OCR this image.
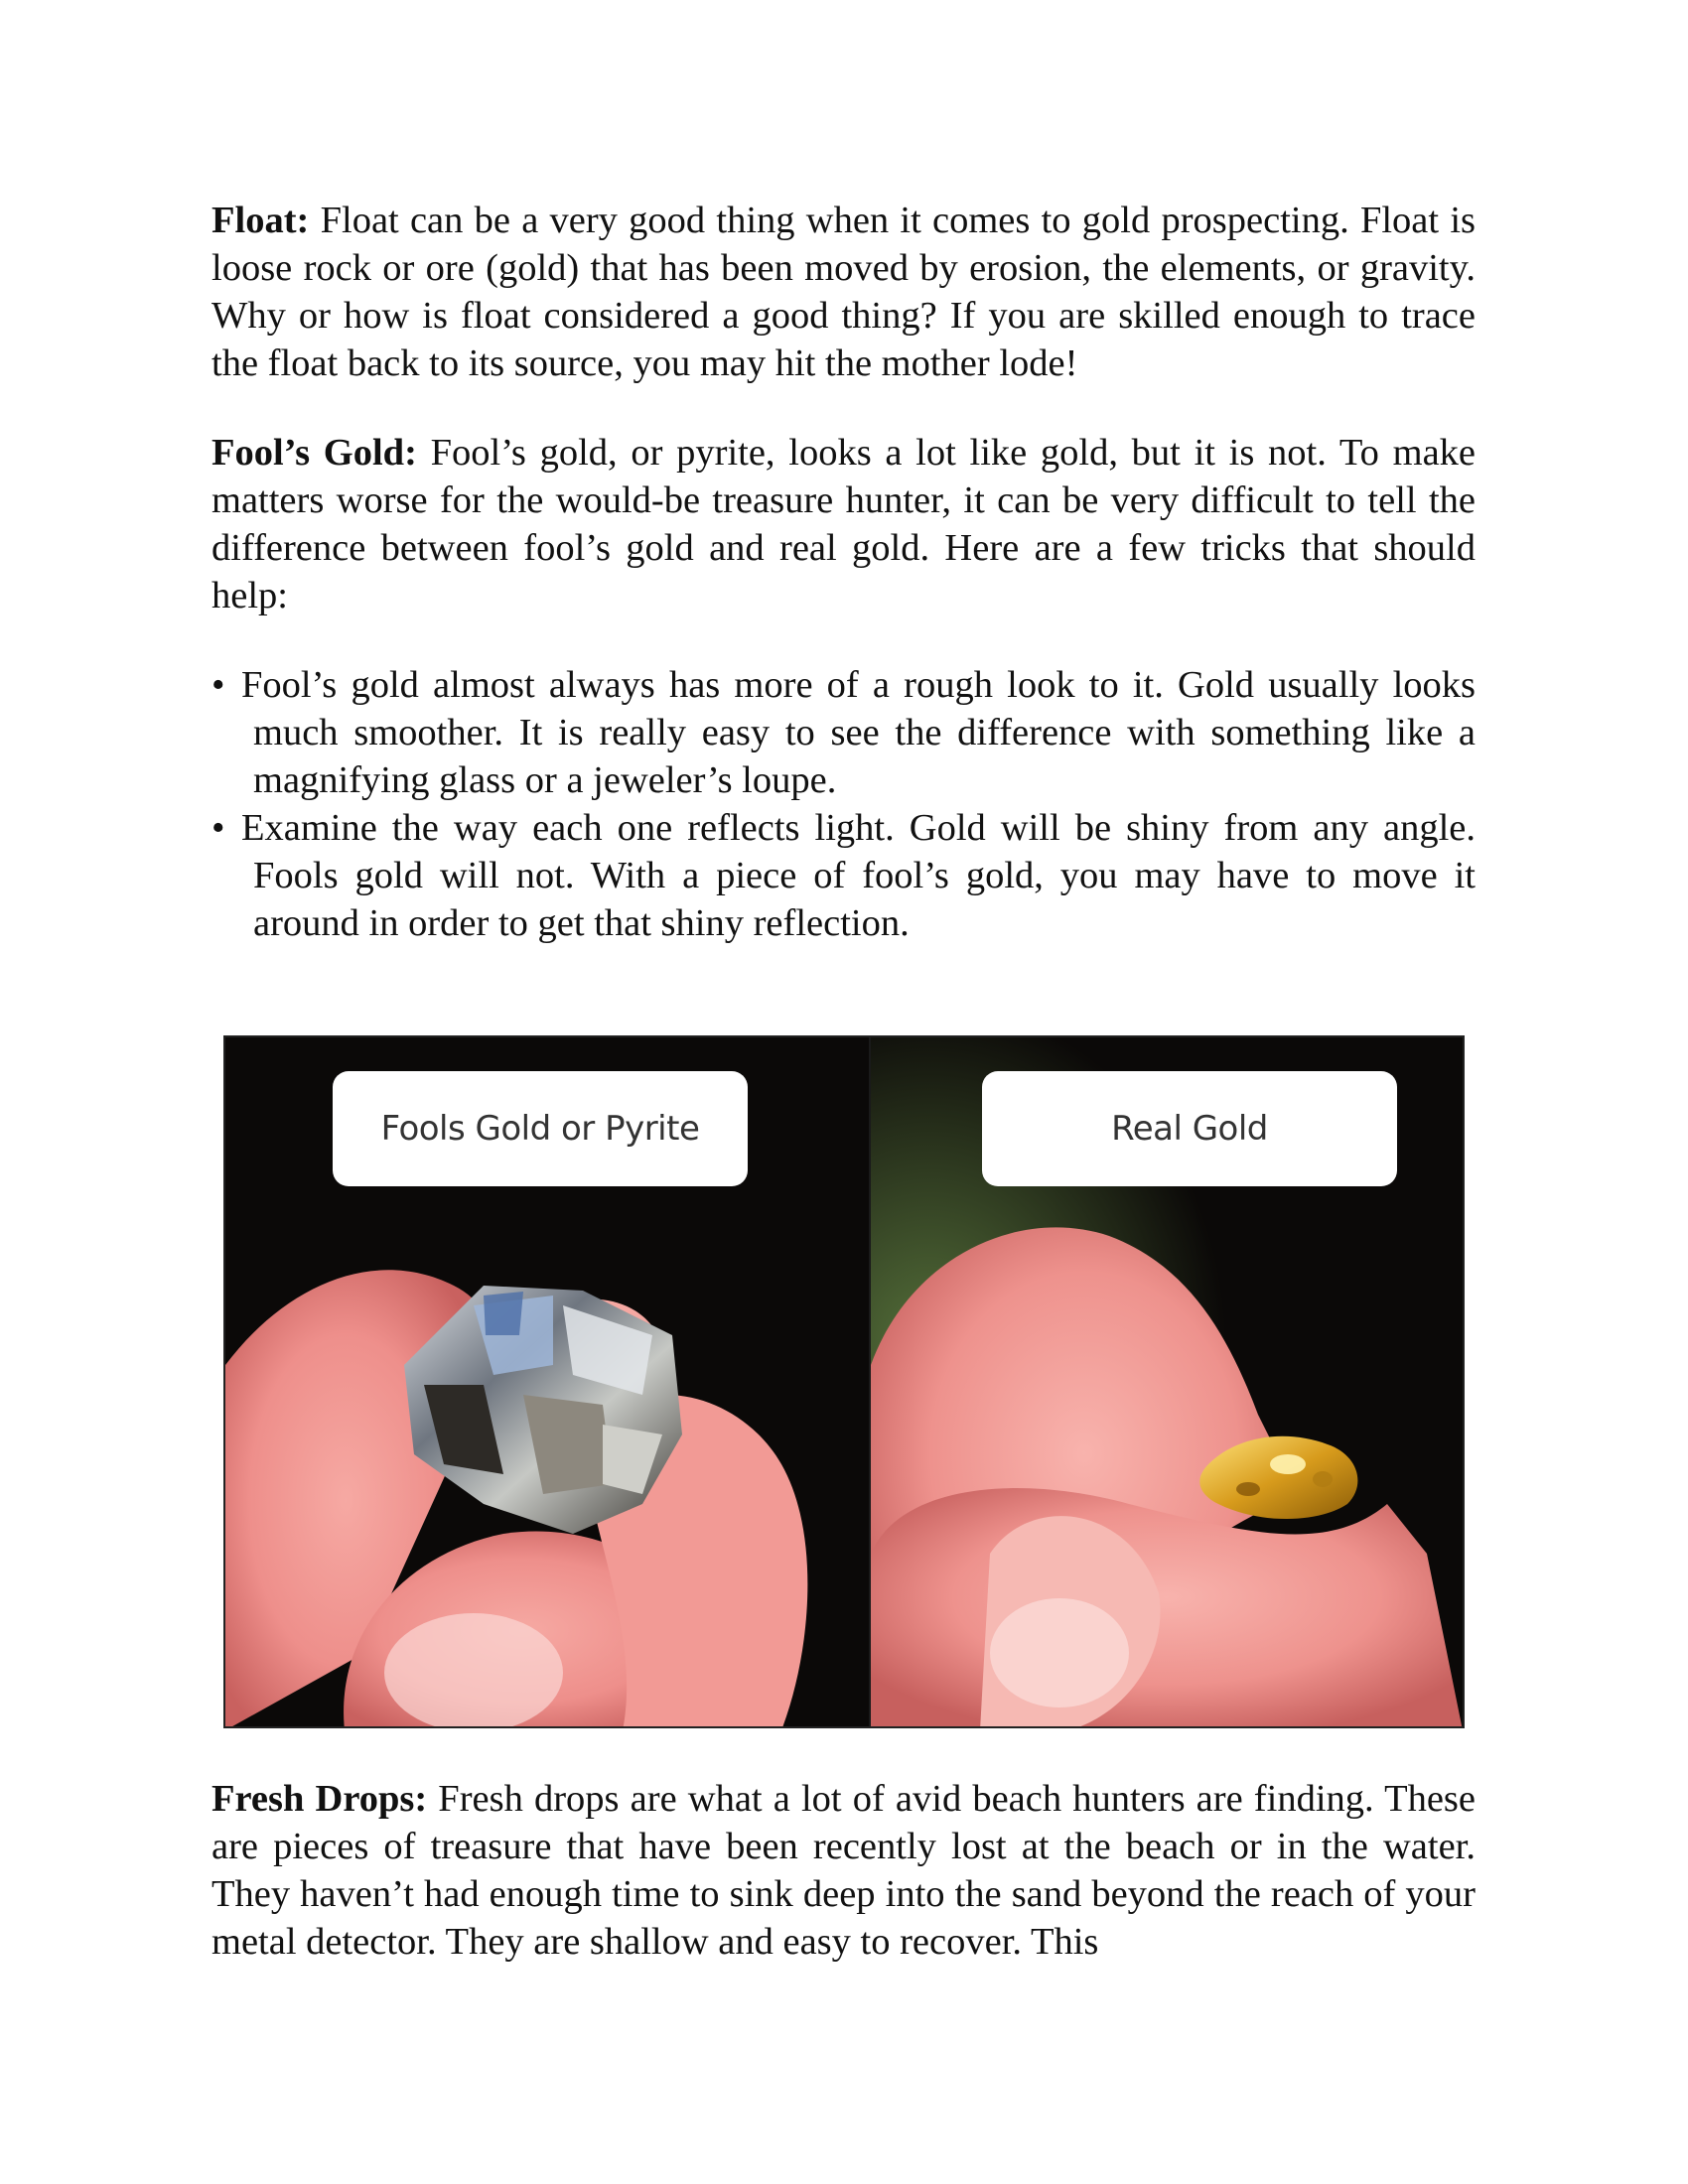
Float: Float can be a very good thing when it comes to gold prospecting. Float is loose rock or ore (gold) that has been moved by erosion, the elements, or gravity. Why or how is float considered a good thing? If you are skilled enough to trace the float back to its source, you may hit the mother lode!

Fool’s Gold: Fool’s gold, or pyrite, looks a lot like gold, but it is not. To make matters worse for the would-be treasure hunter, it can be very difficult to tell the difference between fool’s gold and real gold. Here are a few tricks that should help:

• Fool’s gold almost always has more of a rough look to it. Gold usually looks much smoother. It is really easy to see the difference with something like a magnifying glass or a jeweler’s loupe.
• Examine the way each one reflects light. Gold will be shiny from any angle. Fools gold will not. With a piece of fool’s gold, you may have to move it around in order to get that shiny reflection.
Fools Gold or Pyrite	Real Gold

Fresh Drops: Fresh drops are what a lot of avid beach hunters are finding. These are pieces of treasure that have been recently lost at the beach or in the water. They haven’t had enough time to sink deep into the sand beyond the reach of your metal detector. They are shallow and easy to recover. This
